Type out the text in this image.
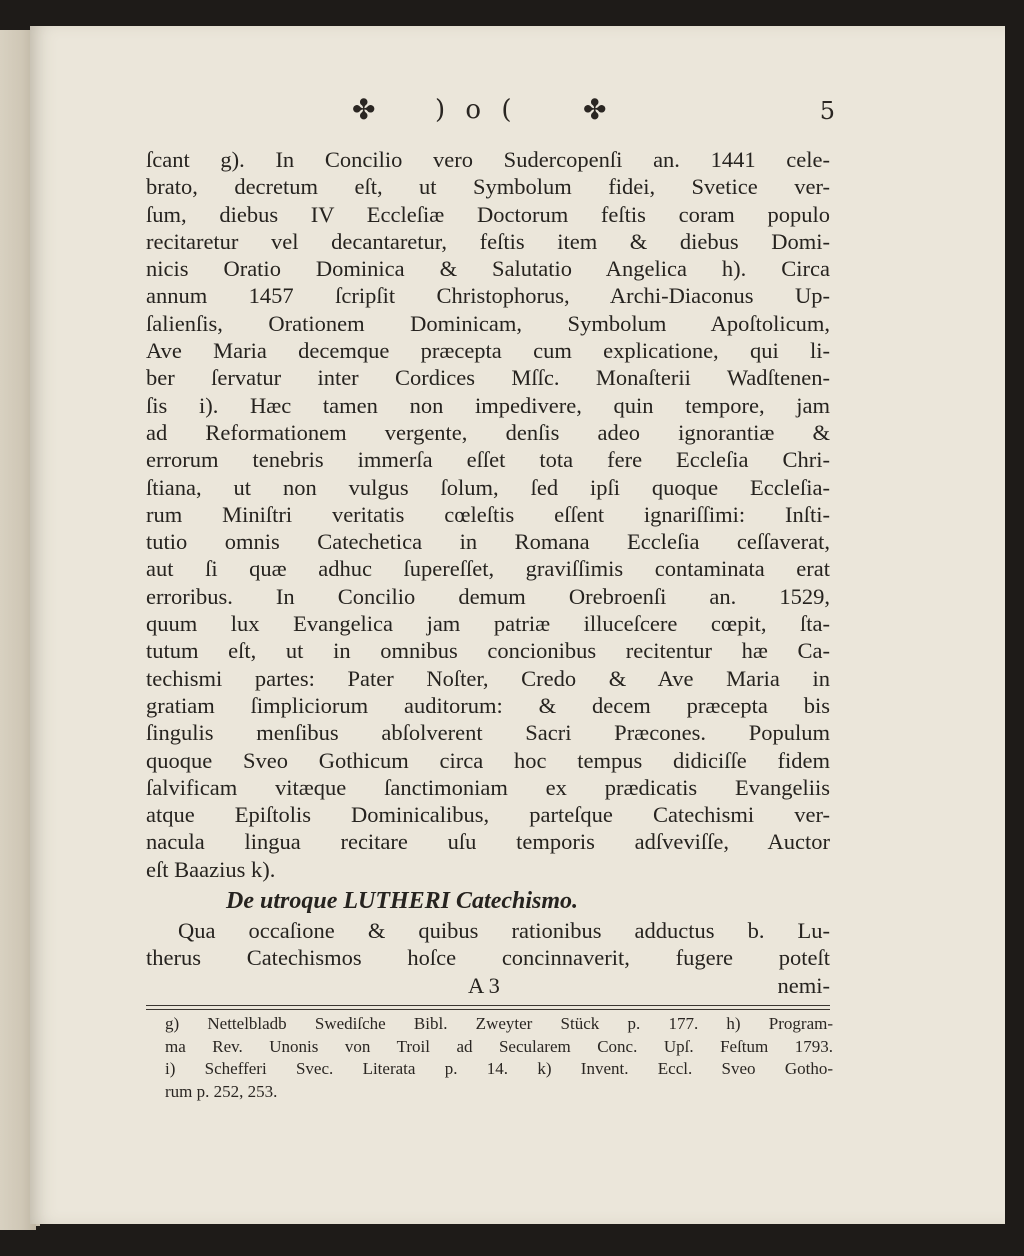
✤ ) o ( ✤	5
ſcant g). In Concilio vero Sudercopenſi an. 1441 cele-
brato, decretum eſt, ut Symbolum fidei, Svetice ver-
ſum, diebus IV Eccleſiæ Doctorum feſtis coram populo
recitaretur vel decantaretur, feſtis item & diebus Domi-
nicis Oratio Dominica & Salutatio Angelica h). Circa
annum 1457 ſcripſit Christophorus, Archi-Diaconus Up-
ſalienſis, Orationem Dominicam, Symbolum Apoſtolicum,
Ave Maria decemque præcepta cum explicatione, qui li-
ber ſervatur inter Cordices Mſſc. Monaſterii Wadſtenen-
ſis i). Hæc tamen non impedivere, quin tempore, jam
ad Reformationem vergente, denſis adeo ignorantiæ &
errorum tenebris immerſa eſſet tota fere Eccleſia Chri-
ſtiana, ut non vulgus ſolum, ſed ipſi quoque Eccleſia-
rum Miniſtri veritatis cœleſtis eſſent ignariſſimi: Inſti-
tutio omnis Catechetica in Romana Eccleſia ceſſaverat,
aut ſi quæ adhuc ſupereſſet, graviſſimis contaminata erat
erroribus. In Concilio demum Orebroenſi an. 1529,
quum lux Evangelica jam patriæ illuceſcere cœpit, ſta-
tutum eſt, ut in omnibus concionibus recitentur hæ Ca-
techismi partes: Pater Noſter, Credo & Ave Maria in
gratiam ſimpliciorum auditorum: & decem præcepta bis
ſingulis menſibus abſolverent Sacri Præcones. Populum
quoque Sveo Gothicum circa hoc tempus didiciſſe fidem
ſalvificam vitæque ſanctimoniam ex prædicatis Evangeliis
atque Epiſtolis Dominicalibus, parteſque Catechismi ver-
nacula lingua recitare uſu temporis adſveviſſe, Auctor
eſt Baazius k).
De utroque LUTHERI Catechismo.
Qua occaſione & quibus rationibus adductus b. Lu-
therus Catechismos hoſce concinnaverit, fugere poteſt
A 3	nemi-
g) Nettelbladb Swediſche Bibl. Zweyter Stück p. 177. h) Program-
ma Rev. Unonis von Troil ad Secularem Conc. Upſ. Feſtum 1793.
i) Schefferi Svec. Literata p. 14. k) Invent. Eccl. Sveo Gotho-
rum p. 252, 253.
